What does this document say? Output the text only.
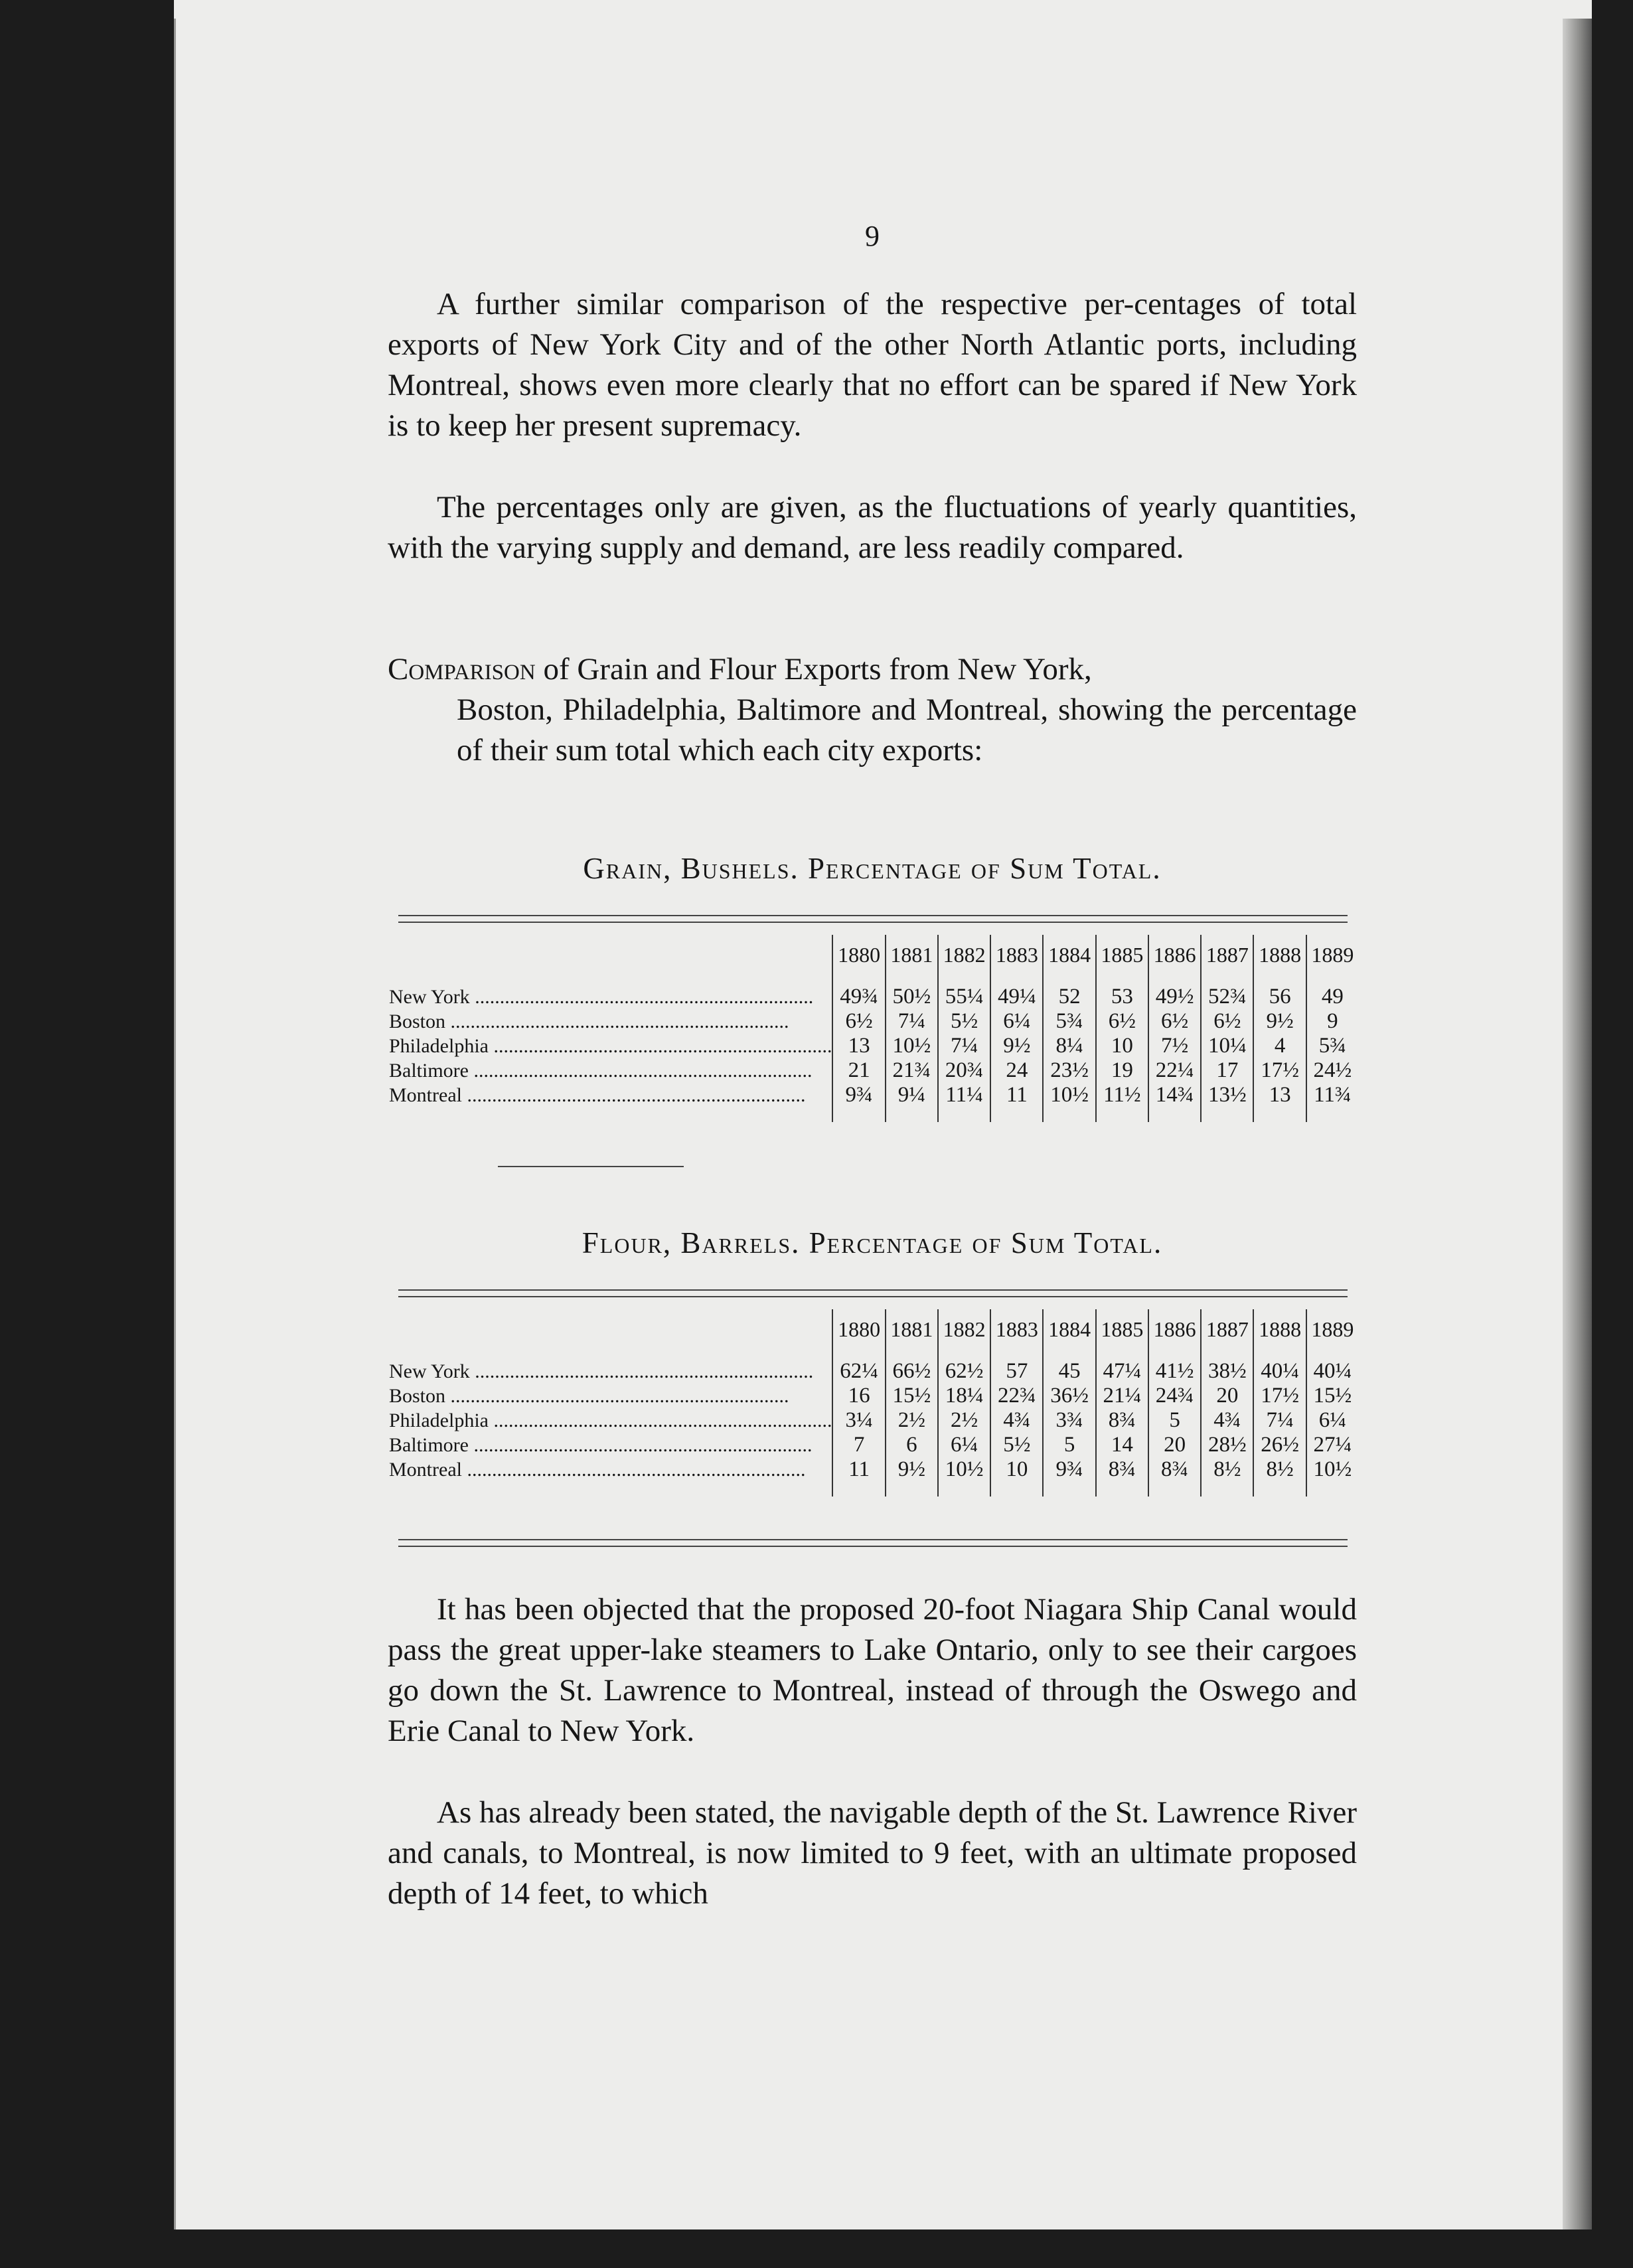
9

A further similar comparison of the respective per-centages of total exports of New York City and of the other North Atlantic ports, including Montreal, shows even more clearly that no effort can be spared if New York is to keep her present supremacy.

The percentages only are given, as the fluctuations of yearly quantities, with the varying supply and demand, are less readily compared.

Comparison of Grain and Flour Exports from New York,
Boston, Philadelphia, Baltimore and Montreal, showing the percentage of their sum total which each city exports:
Grain, Bushels. Percentage of Sum Total.
	1880	1881	1882	1883	1884	1885	1886	1887	1888	1889
New York .....	49¾	50½	55¼	49¼	52	53	49½	52¾	56	49
Boston .....	6½	7¼	5½	6¼	5¾	6½	6½	6½	9½	9
Philadelphia .....	13	10½	7¼	9½	8¼	10	7½	10¼	4	5¾
Baltimore .....	21	21¾	20¾	24	23½	19	22¼	17	17½	24½
Montreal .....	9¾	9¼	11¼	11	10½	11½	14¾	13½	13	11¾
Flour, Barrels. Percentage of Sum Total.
	1880	1881	1882	1883	1884	1885	1886	1887	1888	1889
New York .....	62¼	66½	62½	57	45	47¼	41½	38½	40¼	40¼
Boston .....	16	15½	18¼	22¾	36½	21¼	24¾	20	17½	15½
Philadelphia .....	3¼	2½	2½	4¾	3¾	8¾	5	4¾	7¼	6¼
Baltimore .....	7	6	6¼	5½	5	14	20	28½	26½	27¼
Montreal .....	11	9½	10½	10	9¾	8¾	8¾	8½	8½	10½

It has been objected that the proposed 20-foot Niagara Ship Canal would pass the great upper-lake steamers to Lake Ontario, only to see their cargoes go down the St. Lawrence to Montreal, instead of through the Oswego and Erie Canal to New York.

As has already been stated, the navigable depth of the St. Lawrence River and canals, to Montreal, is now limited to 9 feet, with an ultimate proposed depth of 14 feet, to which
